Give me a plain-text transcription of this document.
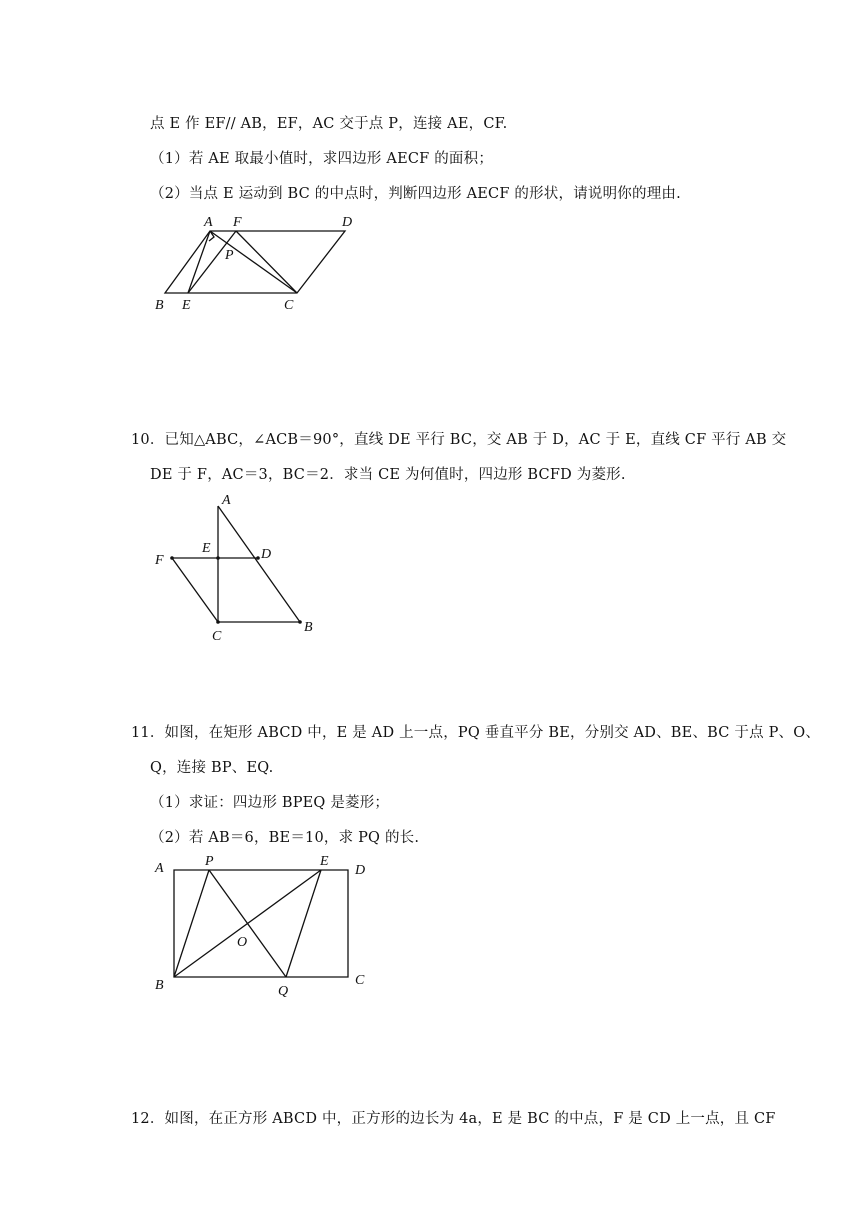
点 E 作 EF// AB，EF，AC 交于点 P，连接 AE，CF.
（1）若 AE 取最小值时，求四边形 AECF 的面积；
（2）当点 E 运动到 BC 的中点时，判断四边形 AECF 的形状，请说明你的理由.
A F	D
P
B E	C
10．已知△ABC，∠ACB＝90°，直线 DE 平行 BC，交 AB 于 D，AC 于 E，直线 CF 平行 AB 交
DE 于 F，AC＝3，BC＝2．求当 CE 为何值时，四边形 BCFD 为菱形.
A
E	D
F
C
B
11．如图，在矩形 ABCD 中，E 是 AD 上一点，PQ 垂直平分 BE，分别交 AD、BE、BC 于点 P、O、
Q，连接 BP、EQ.
（1）求证：四边形 BPEQ 是菱形；
（2）若 AB＝6，BE＝10，求 PQ 的长.
A	P	E
D
O
B	Q
C
12．如图，在正方形 ABCD 中，正方形的边长为 4a，E 是 BC 的中点，F 是 CD 上一点，且 CF
